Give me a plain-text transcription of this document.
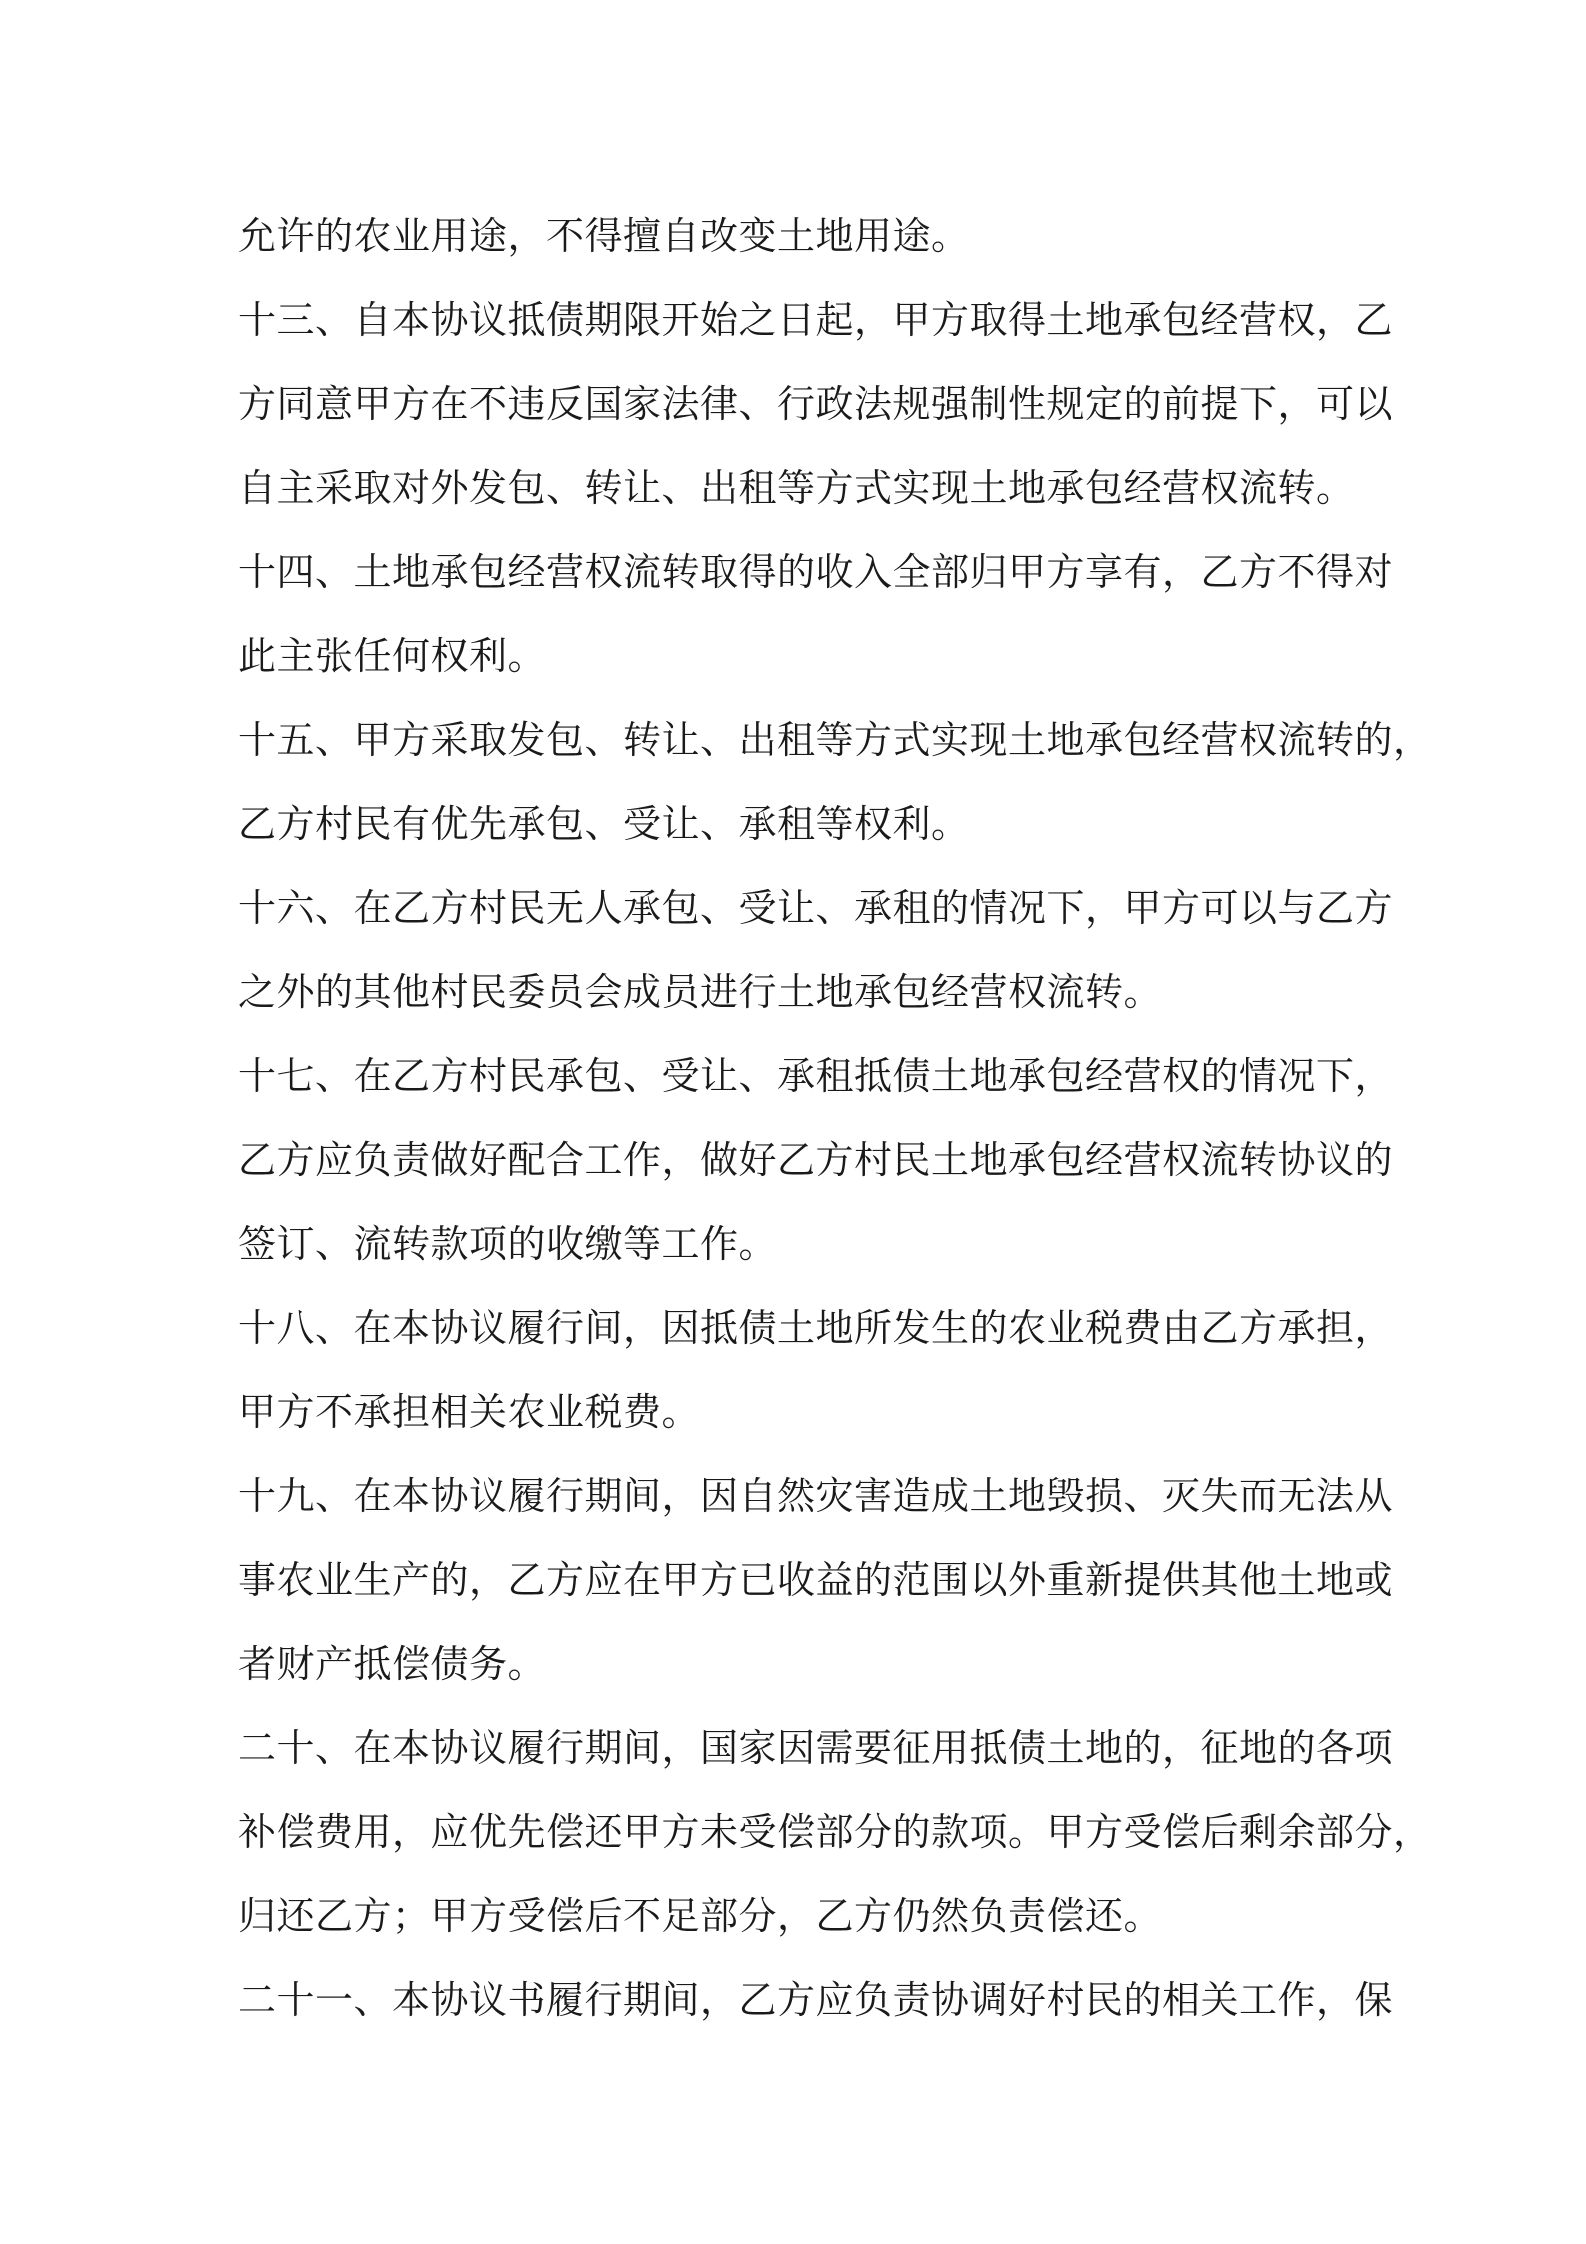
允许的农业用途，不得擅自改变土地用途。
十三、自本协议抵债期限开始之日起，甲方取得土地承包经营权，乙
方同意甲方在不违反国家法律、行政法规强制性规定的前提下，可以
自主采取对外发包、转让、出租等方式实现土地承包经营权流转。
十四、土地承包经营权流转取得的收入全部归甲方享有，乙方不得对
此主张任何权利。
十五、甲方采取发包、转让、出租等方式实现土地承包经营权流转的，
乙方村民有优先承包、受让、承租等权利。
十六、在乙方村民无人承包、受让、承租的情况下，甲方可以与乙方
之外的其他村民委员会成员进行土地承包经营权流转。
十七、在乙方村民承包、受让、承租抵债土地承包经营权的情况下，
乙方应负责做好配合工作，做好乙方村民土地承包经营权流转协议的
签订、流转款项的收缴等工作。
十八、在本协议履行间，因抵债土地所发生的农业税费由乙方承担，
甲方不承担相关农业税费。
十九、在本协议履行期间，因自然灾害造成土地毁损、灭失而无法从
事农业生产的，乙方应在甲方已收益的范围以外重新提供其他土地或
者财产抵偿债务。
二十、在本协议履行期间，国家因需要征用抵债土地的，征地的各项
补偿费用，应优先偿还甲方未受偿部分的款项。甲方受偿后剩余部分，
归还乙方；甲方受偿后不足部分，乙方仍然负责偿还。
二十一、本协议书履行期间，乙方应负责协调好村民的相关工作，保
